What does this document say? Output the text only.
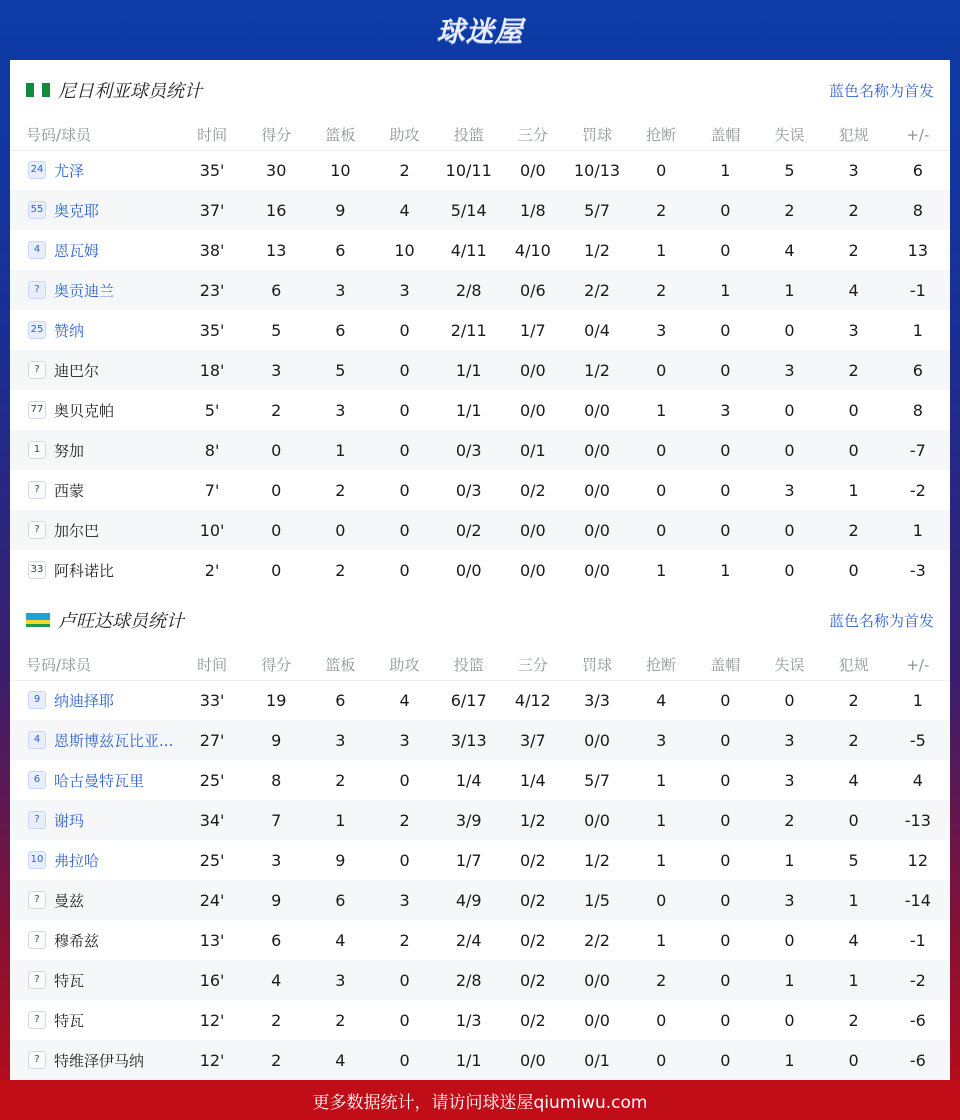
球迷屋
尼日利亚球员统计	蓝色名称为首发
号码/球员	时间	得分	篮板	助攻	投篮	三分	罚球	抢断	盖帽	失误	犯规	+/-
24 尤泽	35'	30	10	2	10/11	0/0	10/13	0	1	5	3	6
55 奥克耶	37'	16	9	4	5/14	1/8	5/7	2	0	2	2	8
4 恩瓦姆	38'	13	6	10	4/11	4/10	1/2	1	0	4	2	13
? 奥贡迪兰	23'	6	3	3	2/8	0/6	2/2	2	1	1	4	-1
25 赞纳	35'	5	6	0	2/11	1/7	0/4	3	0	0	3	1
? 迪巴尔	18'	3	5	0	1/1	0/0	1/2	0	0	3	2	6
77 奥贝克帕	5'	2	3	0	1/1	0/0	0/0	1	3	0	0	8
1 努加	8'	0	1	0	0/3	0/1	0/0	0	0	0	0	-7
? 西蒙	7'	0	2	0	0/3	0/2	0/0	0	0	3	1	-2
? 加尔巴	10'	0	0	0	0/2	0/0	0/0	0	0	0	2	1
33 阿科诺比	2'	0	2	0	0/0	0/0	0/0	1	1	0	0	-3
卢旺达球员统计	蓝色名称为首发
号码/球员	时间	得分	篮板	助攻	投篮	三分	罚球	抢断	盖帽	失误	犯规	+/-
9 纳迪择耶	33'	19	6	4	6/17	4/12	3/3	4	0	0	2	1
4 恩斯博兹瓦比亚...	27'	9	3	3	3/13	3/7	0/0	3	0	3	2	-5
6 哈古曼特瓦里	25'	8	2	0	1/4	1/4	5/7	1	0	3	4	4
? 谢玛	34'	7	1	2	3/9	1/2	0/0	1	0	2	0	-13
10 弗拉哈	25'	3	9	0	1/7	0/2	1/2	1	0	1	5	12
? 曼兹	24'	9	6	3	4/9	0/2	1/5	0	0	3	1	-14
? 穆希兹	13'	6	4	2	2/4	0/2	2/2	1	0	0	4	-1
? 特瓦	16'	4	3	0	2/8	0/2	0/0	2	0	1	1	-2
? 特瓦	12'	2	2	0	1/3	0/2	0/0	0	0	0	2	-6
? 特维泽伊马纳	12'	2	4	0	1/1	0/0	0/1	0	0	1	0	-6
更多数据统计，请访问球迷屋qiumiwu.com
